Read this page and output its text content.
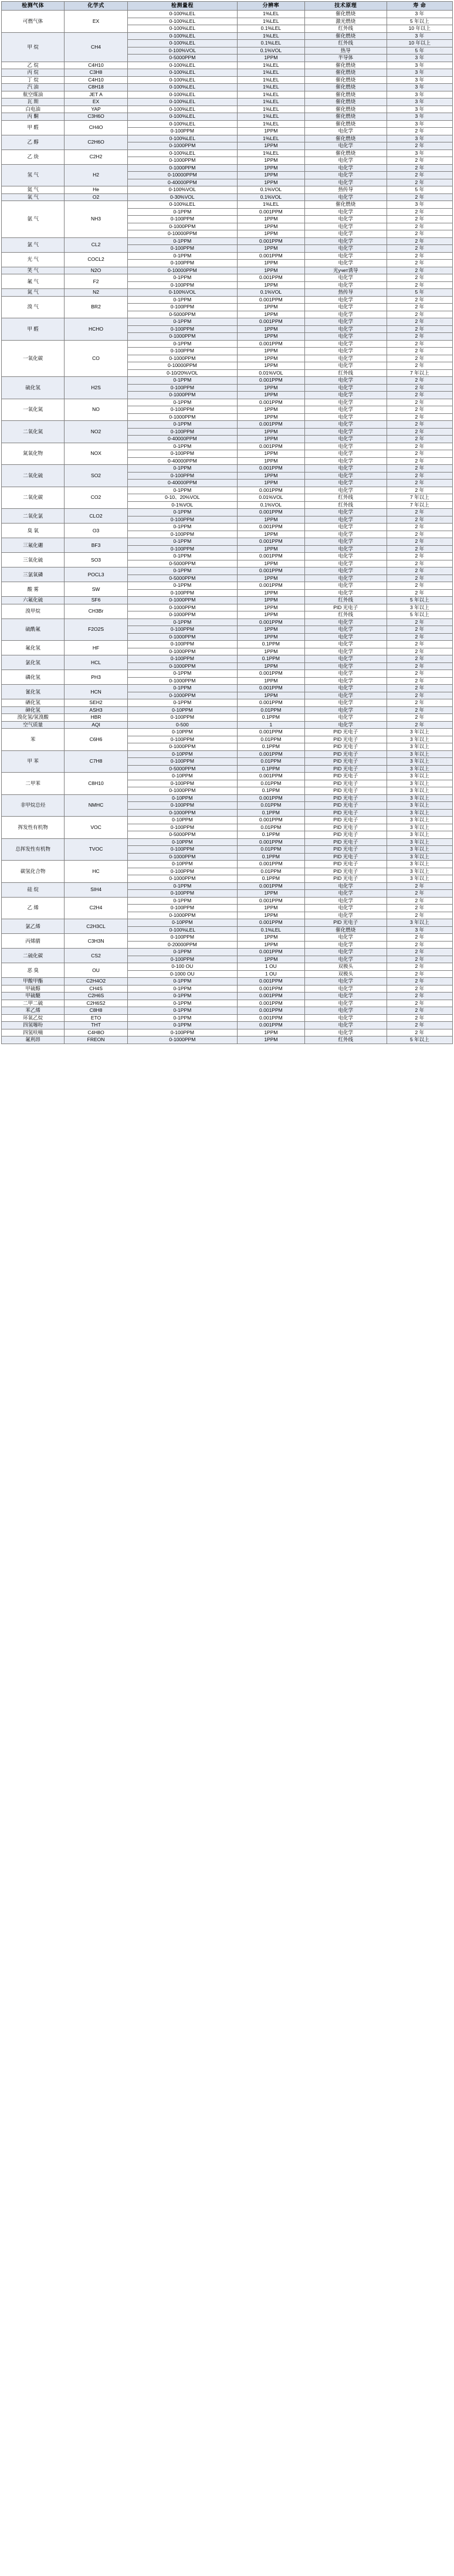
检测气体	化学式	检测量程	分辨率	技术原理	寿 命
可燃气体	EX	0-100%LEL	1%LEL	催化燃烧	3 年
		0-100%LEL	1%LEL	激光燃烧	5 年以上
		0-100%LEL	0.1%LEL	红外线	10 年以上
甲 烷	CH4	0-100%LEL	1%LEL	催化燃烧	3 年
		0-100%LEL	0.1%LEL	红外线	10 年以上
		0-100%VOL	0.1%VOL	热导	5 年
		0-5000PPM	1PPM	半导体	3 年
乙 烷	C4H10	0-100%LEL	1%LEL	催化燃烧	3 年
丙 烷	C3H8	0-100%LEL	1%LEL	催化燃烧	3 年
丁 烷	C4H10	0-100%LEL	1%LEL	催化燃烧	3 年
汽 油	C8H18	0-100%LEL	1%LEL	催化燃烧	3 年
航空煤油	JET A	0-100%LEL	1%LEL	催化燃烧	3 年
瓦 斯	EX	0-100%LEL	1%LEL	催化燃烧	3 年
白电油	YAP	0-100%LEL	1%LEL	催化燃烧	3 年
丙 酮	C3H6O	0-100%LEL	1%LEL	催化燃烧	3 年
甲 醛	CH4O	0-100%LEL	1%LEL	催化燃烧	3 年
		0-100PPM	1PPM	电化学	2 年
乙 醇	C2H6O	0-100%LEL	1%LEL	催化燃烧	3 年
		0-1000PPM	1PPM	电化学	2 年
乙 炔	C2H2	0-100%LEL	1%LEL	催化燃烧	3 年
		0-1000PPM	1PPM	电化学	2 年
氢 气	H2	0-1000PPM	1PPM	电化学	2 年
		0-10000PPM	1PPM	电化学	2 年
		0-40000PPM	1PPM	电化学	2 年
氦 气	He	0-100%VOL	0.1%VOL	热传导	5 年
氧 气	O2	0-30%VOL	0.1%VOL	电化学	2 年
氨 气	NH3	0-100%LEL	1%LEL	催化燃烧	3 年
		0-1PPM	0.001PPM	电化学	2 年
		0-100PPM	1PPM	电化学	2 年
		0-1000PPM	1PPM	电化学	2 年
		0-10000PPM	1PPM	电化学	2 年
氯 气	CL2	0-1PPM	0.001PPM	电化学	2 年
		0-100PPM	1PPM	电化学	2 年
光 气	COCL2	0-1PPM	0.001PPM	电化学	2 年
		0-100PPM	1PPM	电化学	2 年
笑 气	N2O	0-10000PPM	1PPM	光учет诱导	2 年
氟 气	F2	0-1PPM	0.001PPM	电化学	2 年
		0-100PPM	1PPM	电化学	2 年
氮 气	N2	0-100%VOL	0.1%VOL	热传导	5 年
溴 气	BR2	0-1PPM	0.001PPM	电化学	2 年
		0-100PPM	1PPM	电化学	2 年
		0-5000PPM	1PPM	电化学	2 年
甲 醛	HCHO	0-1PPM	0.001PPM	电化学	2 年
		0-100PPM	1PPM	电化学	2 年
		0-1000PPM	1PPM	电化学	2 年
一氧化碳	CO	0-1PPM	0.001PPM	电化学	2 年
		0-100PPM	1PPM	电化学	2 年
		0-1000PPM	1PPM	电化学	2 年
		0-10000PPM	1PPM	电化学	2 年
		0-10/20%VOL	0.01%VOL	红外线	7 年以上
硫化氢	H2S	0-1PPM	0.001PPM	电化学	2 年
		0-100PPM	1PPM	电化学	2 年
		0-1000PPM	1PPM	电化学	2 年
一氧化氮	NO	0-1PPM	0.001PPM	电化学	2 年
		0-100PPM	1PPM	电化学	2 年
		0-1000PPM	1PPM	电化学	2 年
二氧化氮	NO2	0-1PPM	0.001PPM	电化学	2 年
		0-100PPM	1PPM	电化学	2 年
		0-40000PPM	1PPM	电化学	2 年
氮氧化物	NOX	0-1PPM	0.001PPM	电化学	2 年
		0-100PPM	1PPM	电化学	2 年
		0-40000PPM	1PPM	电化学	2 年
二氧化硫	SO2	0-1PPM	0.001PPM	电化学	2 年
		0-100PPM	1PPM	电化学	2 年
		0-40000PPM	1PPM	电化学	2 年
二氧化碳	CO2	0-1PPM	0.001PPM	电化学	2 年
		0-10、20%VOL	0.01%VOL	红外线	7 年以上
		0-1%VOL	0.1%VOL	红外线	7 年以上
二氧化氯	CLO2	0-1PPM	0.001PPM	电化学	2 年
		0-100PPM	1PPM	电化学	2 年
臭 氧	O3	0-1PPM	0.001PPM	电化学	2 年
		0-100PPM	1PPM	电化学	2 年
三氟化硼	BF3	0-1PPM	0.001PPM	电化学	2 年
		0-100PPM	1PPM	电化学	2 年
三氧化硫	SO3	0-1PPM	0.001PPM	电化学	2 年
		0-5000PPM	1PPM	电化学	2 年
三氯氧磷	POCL3	0-1PPM	0.001PPM	电化学	2 年
		0-5000PPM	1PPM	电化学	2 年
酸 雾	SW	0-1PPM	0.001PPM	电化学	2 年
		0-100PPM	1PPM	电化学	2 年
六氟化硫	SF6	0-1000PPM	1PPM	红外线	5 年以上
溴甲烷	CH3Br	0-1000PPM	1PPM	PID 光电子	3 年以上
		0-1000PPM	1PPM	红外线	5 年以上
硫酰氟	F2O2S	0-1PPM	0.001PPM	电化学	2 年
		0-100PPM	1PPM	电化学	2 年
		0-1000PPM	1PPM	电化学	2 年
氟化氢	HF	0-100PPM	0.1PPM	电化学	2 年
		0-1000PPM	1PPM	电化学	2 年
氯化氢	HCL	0-100PPM	0.1PPM	电化学	2 年
		0-1000PPM	1PPM	电化学	2 年
磷化氢	PH3	0-1PPM	0.001PPM	电化学	2 年
		0-1000PPM	1PPM	电化学	2 年
氰化氢	HCN	0-1PPM	0.001PPM	电化学	2 年
		0-1000PPM	1PPM	电化学	2 年
硒化氢	SEH2	0-1PPM	0.001PPM	电化学	2 年
砷化氢	ASH3	0-10PPM	0.01PPM	电化学	2 年
溴化氢/氢溴酸	HBR	0-100PPM	0.1PPM	电化学	2 年
空气质量	AQI	0-500	1	电化学	2 年
苯	C6H6	0-10PPM	0.001PPM	PID 光电子	3 年以上
		0-100PPM	0.01PPM	PID 光电子	3 年以上
		0-1000PPM	0.1PPM	PID 光电子	3 年以上
甲 苯	C7H8	0-10PPM	0.001PPM	PID 光电子	3 年以上
		0-100PPM	0.01PPM	PID 光电子	3 年以上
		0-5000PPM	0.1PPM	PID 光电子	3 年以上
二甲苯	C8H10	0-10PPM	0.001PPM	PID 光电子	3 年以上
		0-100PPM	0.01PPM	PID 光电子	3 年以上
		0-1000PPM	0.1PPM	PID 光电子	3 年以上
非甲烷总烃	NMHC	0-10PPM	0.001PPM	PID 光电子	3 年以上
		0-100PPM	0.01PPM	PID 光电子	3 年以上
		0-1000PPM	0.1PPM	PID 光电子	3 年以上
挥发性有机物	VOC	0-10PPM	0.001PPM	PID 光电子	3 年以上
		0-100PPM	0.01PPM	PID 光电子	3 年以上
		0-5000PPM	0.1PPM	PID 光电子	3 年以上
总挥发性有机物	TVOC	0-10PPM	0.001PPM	PID 光电子	3 年以上
		0-100PPM	0.01PPM	PID 光电子	3 年以上
		0-1000PPM	0.1PPM	PID 光电子	3 年以上
碳氢化合物	HC	0-10PPM	0.001PPM	PID 光电子	3 年以上
		0-100PPM	0.01PPM	PID 光电子	3 年以上
		0-1000PPM	0.1PPM	PID 光电子	3 年以上
硅 烷	SIH4	0-1PPM	0.001PPM	电化学	2 年
		0-100PPM	1PPM	电化学	2 年
乙 烯	C2H4	0-1PPM	0.001PPM	电化学	2 年
		0-100PPM	1PPM	电化学	2 年
		0-1000PPM	1PPM	电化学	2 年
氯乙烯	C2H3CL	0-10PPM	0.001PPM	PID 光电子	3 年以上
		0-100%LEL	0.1%LEL	催化燃烧	3 年
丙烯腈	C3H3N	0-100PPM	1PPM	电化学	2 年
		0-20000PPM	1PPM	电化学	2 年
二硫化碳	CS2	0-1PPM	0.001PPM	电化学	2 年
		0-100PPM	1PPM	电化学	2 年
恶 臭	OU	0-100 OU	1 OU	双极头	2 年
		0-1000 OU	1 OU	双极头	2 年
甲酸甲酯	C2H4O2	0-1PPM	0.001PPM	电化学	2 年
甲硫醇	CH4S	0-1PPM	0.001PPM	电化学	2 年
甲硫醚	C2H6S	0-1PPM	0.001PPM	电化学	2 年
二甲二硫	C2H6S2	0-1PPM	0.001PPM	电化学	2 年
苯乙烯	C8H8	0-1PPM	0.001PPM	电化学	2 年
环氧乙烷	ETO	0-1PPM	0.001PPM	电化学	2 年
四氢噻吩	THT	0-1PPM	0.001PPM	电化学	2 年
四氢呋喃	C4H8O	0-100PPM	1PPM	电化学	2 年
氟利昂	FREON	0-1000PPM	1PPM	红外线	5 年以上
